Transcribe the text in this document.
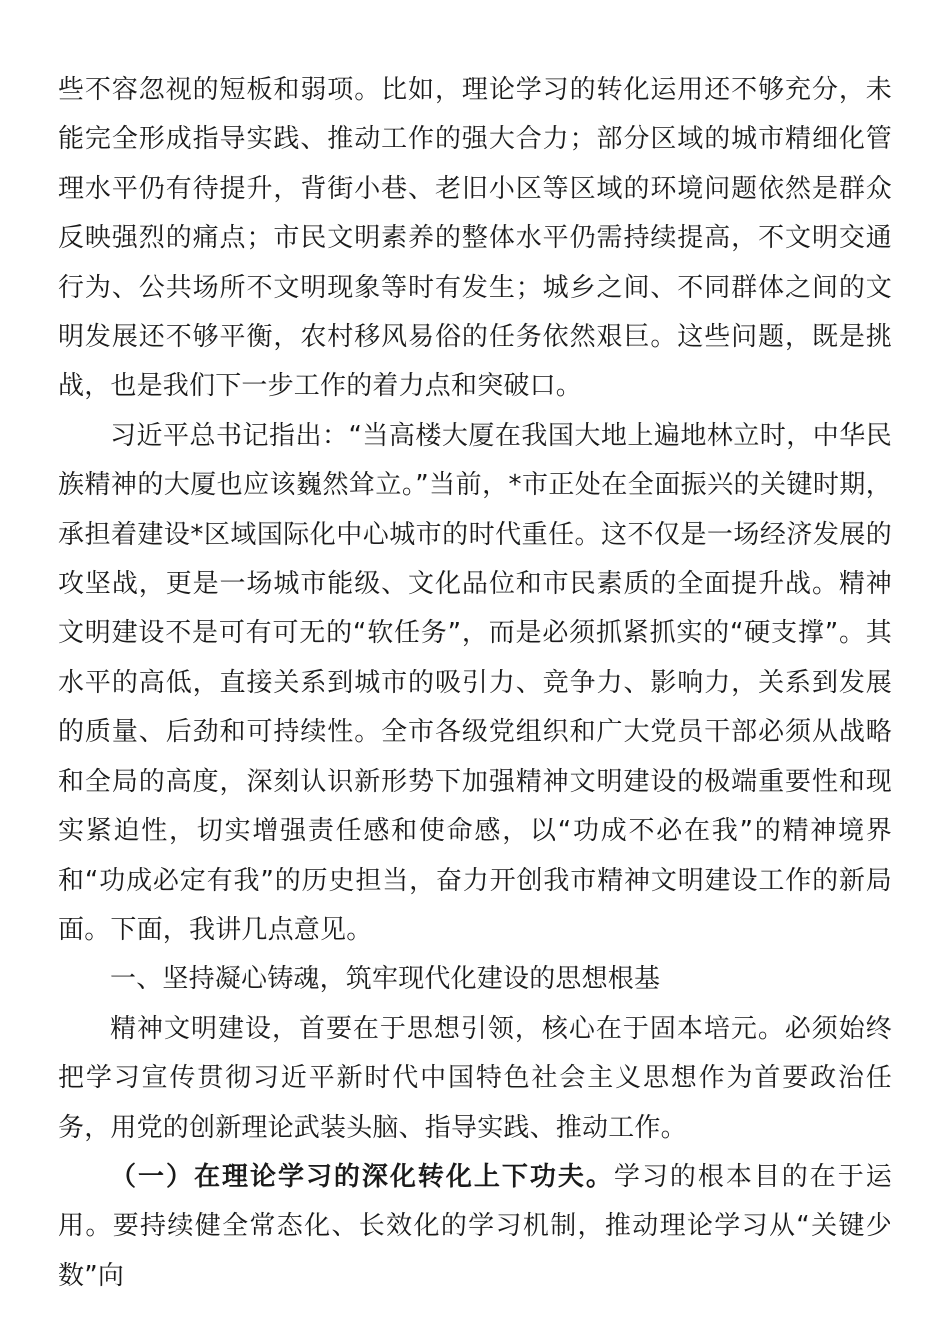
些不容忽视的短板和弱项。比如，理论学习的转化运用还不够充分，未能完全形成指导实践、推动工作的强大合力；部分区域的城市精细化管理水平仍有待提升，背街小巷、老旧小区等区域的环境问题依然是群众反映强烈的痛点；市民文明素养的整体水平仍需持续提高，不文明交通行为、公共场所不文明现象等时有发生；城乡之间、不同群体之间的文明发展还不够平衡，农村移风易俗的任务依然艰巨。这些问题，既是挑战，也是我们下一步工作的着力点和突破口。

习近平总书记指出：“当高楼大厦在我国大地上遍地林立时，中华民族精神的大厦也应该巍然耸立。”当前，*市正处在全面振兴的关键时期，承担着建设*区域国际化中心城市的时代重任。这不仅是一场经济发展的攻坚战，更是一场城市能级、文化品位和市民素质的全面提升战。精神文明建设不是可有可无的“软任务”，而是必须抓紧抓实的“硬支撑”。其水平的高低，直接关系到城市的吸引力、竞争力、影响力，关系到发展的质量、后劲和可持续性。全市各级党组织和广大党员干部必须从战略和全局的高度，深刻认识新形势下加强精神文明建设的极端重要性和现实紧迫性，切实增强责任感和使命感，以“功成不必在我”的精神境界和“功成必定有我”的历史担当，奋力开创我市精神文明建设工作的新局面。下面，我讲几点意见。

一、坚持凝心铸魂，筑牢现代化建设的思想根基

精神文明建设，首要在于思想引领，核心在于固本培元。必须始终把学习宣传贯彻习近平新时代中国特色社会主义思想作为首要政治任务，用党的创新理论武装头脑、指导实践、推动工作。

（一）在理论学习的深化转化上下功夫。学习的根本目的在于运用。要持续健全常态化、长效化的学习机制，推动理论学习从“关键少数”向
